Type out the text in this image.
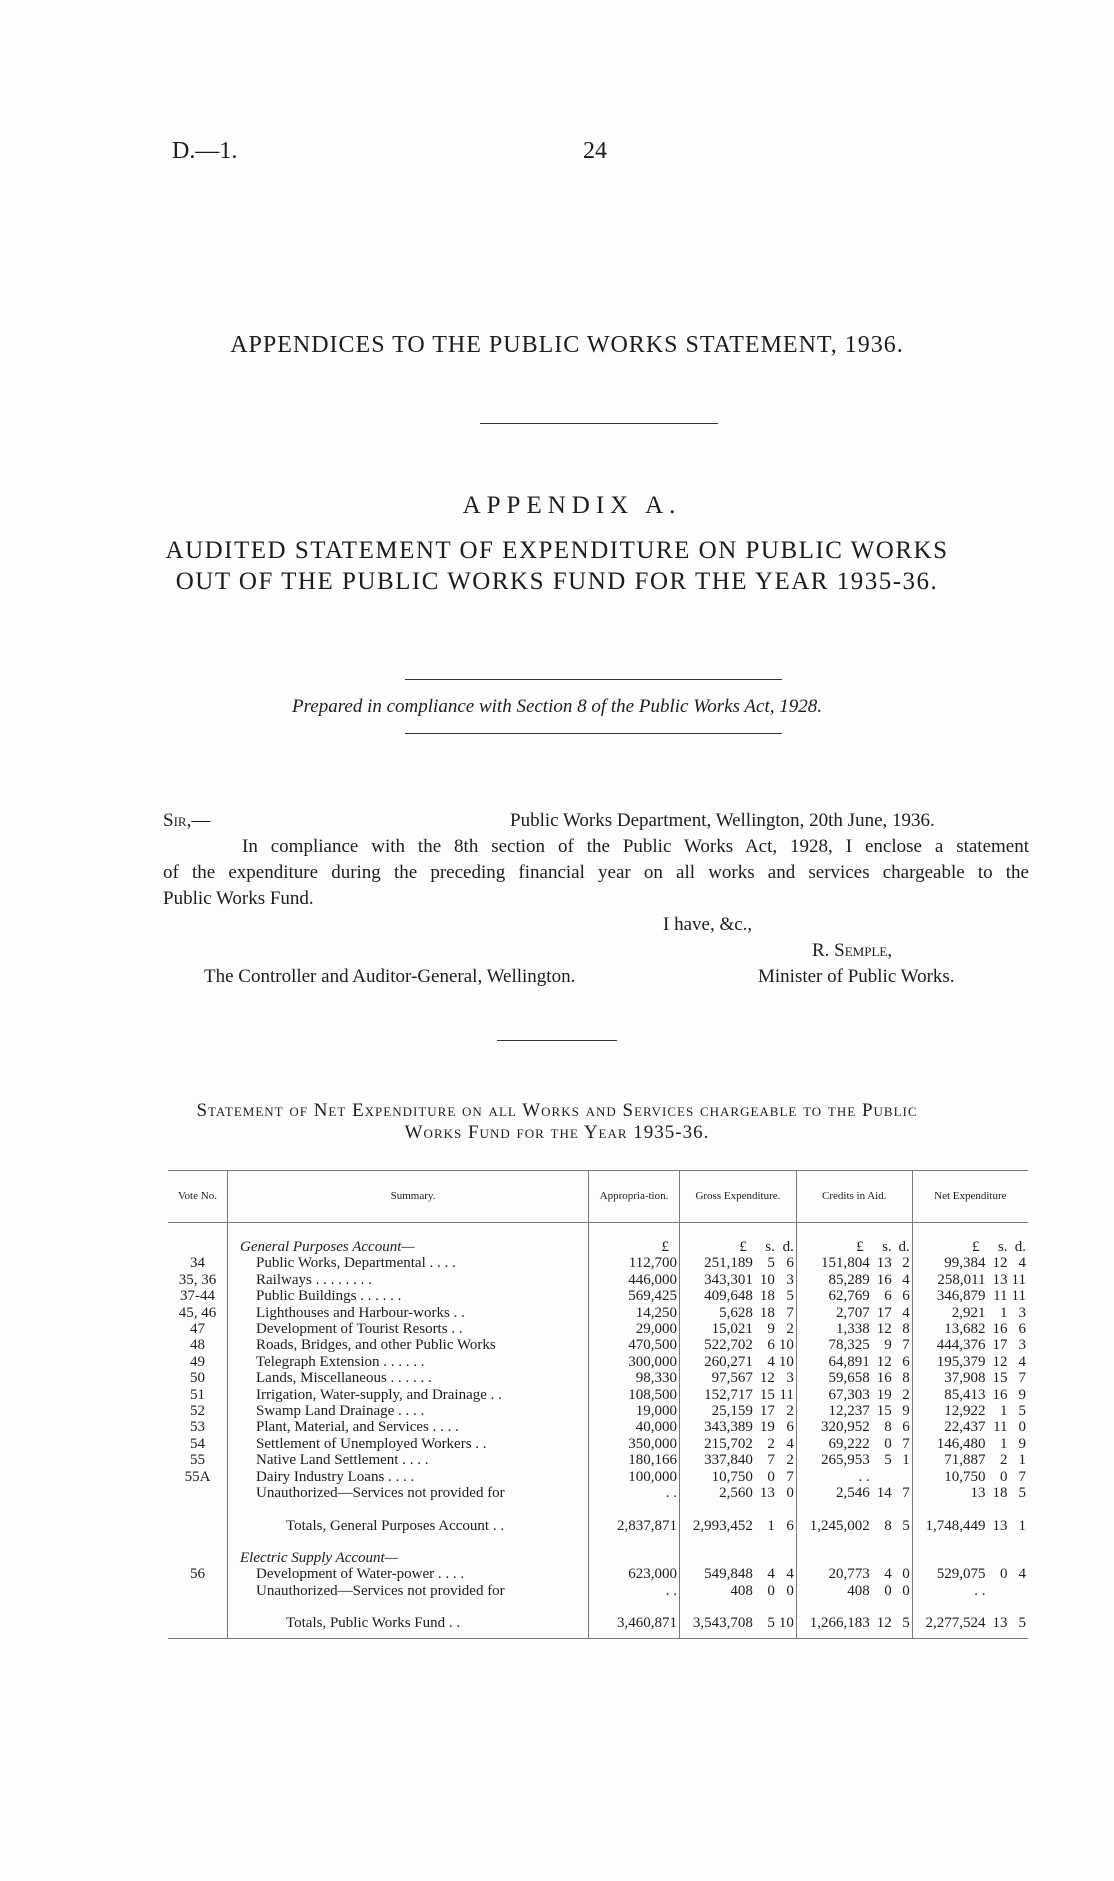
D.—1.	24
APPENDICES TO THE PUBLIC WORKS STATEMENT, 1936.
APPENDIX A.
AUDITED STATEMENT OF EXPENDITURE ON PUBLIC WORKS
OUT OF THE PUBLIC WORKS FUND FOR THE YEAR 1935-36.
Prepared in compliance with Section 8 of the Public Works Act, 1928.
Sir,—	Public Works Department, Wellington, 20th June, 1936.
In compliance with the 8th section of the Public Works Act, 1928, I enclose a statement
of the expenditure during the preceding financial year on all works and services chargeable to the
Public Works Fund.
I have, &c.,
R. Semple,
The Controller and Auditor-General, Wellington.	Minister of Public Works.
Statement of Net Expenditure on all Works and Services chargeable to the Public
Works Fund for the Year 1935-36.
Vote No.	Summary.	Appropria-tion.	Gross Expenditure.			Credits in Aid.			Net Expenditure		

	General Purposes Account—	£	£	s.	d.	£	s.	d.	£	s.	d.
34	Public Works, Departmental . . . .	112,700	251,189	5	6	151,804	13	2	99,384	12	4
35, 36	Railways . . . . . . . .	446,000	343,301	10	3	85,289	16	4	258,011	13	11
37-44	Public Buildings . . . . . .	569,425	409,648	18	5	62,769	6	6	346,879	11	11
45, 46	Lighthouses and Harbour-works . .	14,250	5,628	18	7	2,707	17	4	2,921	1	3
47	Development of Tourist Resorts . .	29,000	15,021	9	2	1,338	12	8	13,682	16	6
48	Roads, Bridges, and other Public Works	470,500	522,702	6	10	78,325	9	7	444,376	17	3
49	Telegraph Extension . . . . . .	300,000	260,271	4	10	64,891	12	6	195,379	12	4
50	Lands, Miscellaneous . . . . . .	98,330	97,567	12	3	59,658	16	8	37,908	15	7
51	Irrigation, Water-supply, and Drainage . .	108,500	152,717	15	11	67,303	19	2	85,413	16	9
52	Swamp Land Drainage . . . .	19,000	25,159	17	2	12,237	15	9	12,922	1	5
53	Plant, Material, and Services . . . .	40,000	343,389	19	6	320,952	8	6	22,437	11	0
54	Settlement of Unemployed Workers . .	350,000	215,702	2	4	69,222	0	7	146,480	1	9
55	Native Land Settlement . . . .	180,166	337,840	7	2	265,953	5	1	71,887	2	1
55A	Dairy Industry Loans . . . .	100,000	10,750	0	7	. .			10,750	0	7
	Unauthorized—Services not provided for	. .	2,560	13	0	2,546	14	7	13	18	5

	Totals, General Purposes Account . .	2,837,871	2,993,452	1	6	1,245,002	8	5	1,748,449	13	1

	Electric Supply Account—										
56	Development of Water-power . . . .	623,000	549,848	4	4	20,773	4	0	529,075	0	4
	Unauthorized—Services not provided for	. .	408	0	0	408	0	0	. .		

	Totals, Public Works Fund . .	3,460,871	3,543,708	5	10	1,266,183	12	5	2,277,524	13	5
